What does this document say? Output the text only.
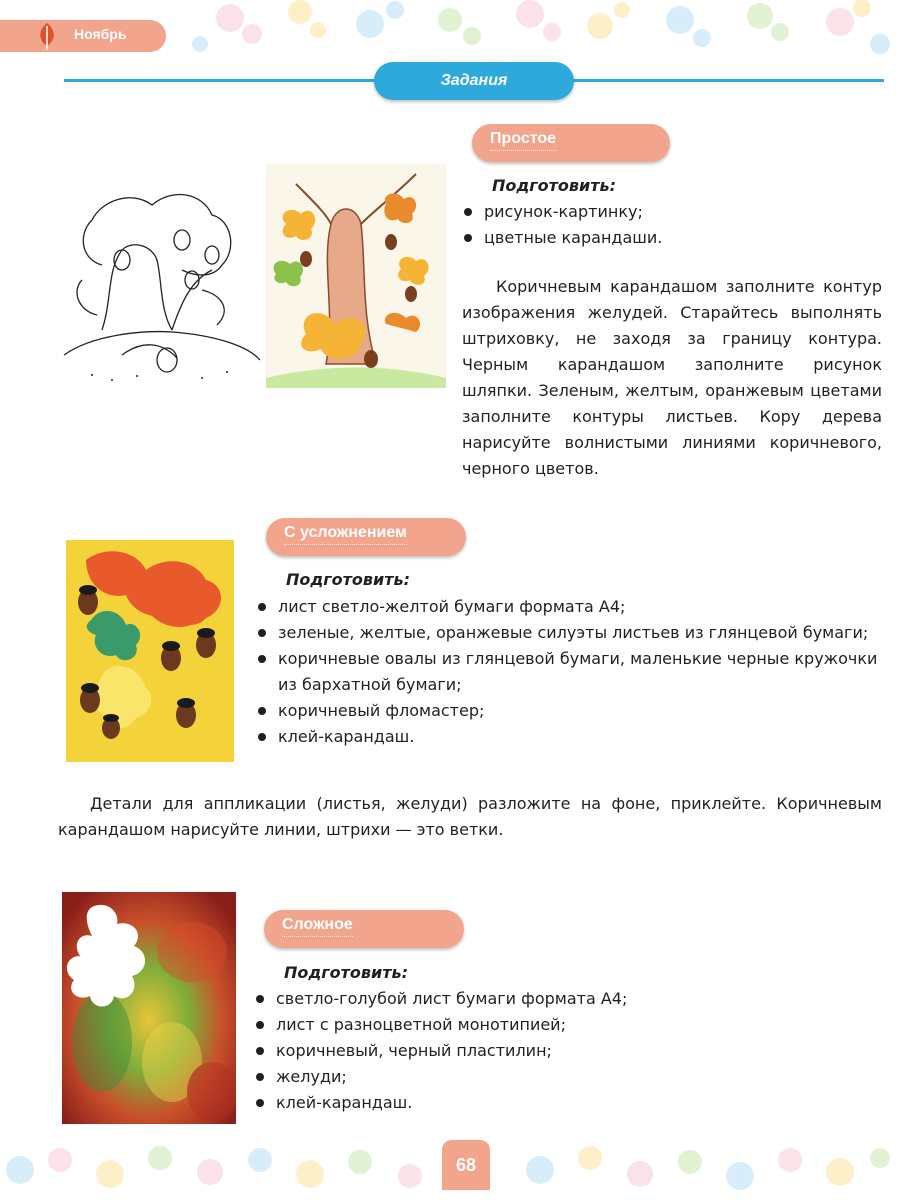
Ноябрь
Задания
Простое
Подготовить:
рисунок-картинку;
цветные карандаши.

Коричневым карандашом заполните контур изображения желудей. Старайтесь выполнять штриховку, не заходя за границу контура. Черным карандашом заполните рисунок шляпки. Зеленым, желтым, оранжевым цветами заполните контуры листьев. Кору дерева нарисуйте волнистыми линиями коричневого, черного цветов.

С усложнением
Подготовить:
лист светло-желтой бумаги формата А4;
зеленые, желтые, оранжевые силуэты листьев из глянцевой бумаги;
коричневые овалы из глянцевой бумаги, маленькие черные кружочки из бархатной бумаги;
коричневый фломастер;
клей-карандаш.

Детали для аппликации (листья, желуди) разложите на фоне, приклейте. Коричневым карандашом нарисуйте линии, штрихи — это ветки.

Сложное
Подготовить:
светло-голубой лист бумаги формата А4;
лист с разноцветной монотипией;
коричневый, черный пластилин;
желуди;
клей-карандаш.
68
